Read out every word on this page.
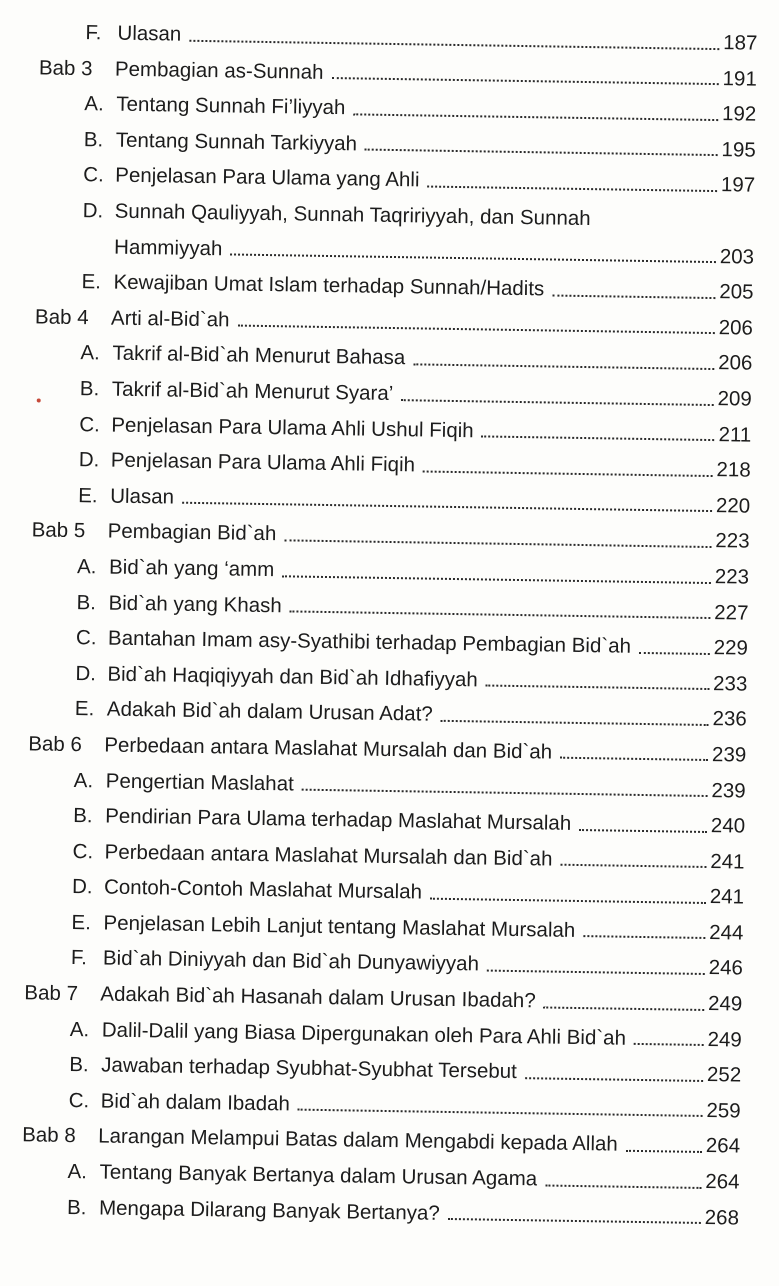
F. Ulasan	187
Bab 3	Pembagian as-Sunnah	191
A. Tentang Sunnah Fi’liyyah	192
B. Tentang Sunnah Tarkiyyah	195
C. Penjelasan Para Ulama yang Ahli	197
D. Sunnah Qauliyyah, Sunnah Taqririyyah, dan Sunnah
Hammiyyah	203
E. Kewajiban Umat Islam terhadap Sunnah/Hadits	205
Bab 4	Arti al-Bid`ah	206
A. Takrif al-Bid`ah Menurut Bahasa	206
B. Takrif al-Bid`ah Menurut Syara’	209
C. Penjelasan Para Ulama Ahli Ushul Fiqih	211
D. Penjelasan Para Ulama Ahli Fiqih	218
E. Ulasan	220
Bab 5	Pembagian Bid`ah	223
A. Bid`ah yang ‘amm	223
B. Bid`ah yang Khash	227
C. Bantahan Imam asy-Syathibi terhadap Pembagian Bid`ah	229
D. Bid`ah Haqiqiyyah dan Bid`ah Idhafiyyah	233
E. Adakah Bid`ah dalam Urusan Adat?	236
Bab 6	Perbedaan antara Maslahat Mursalah dan Bid`ah	239
A. Pengertian Maslahat	239
B. Pendirian Para Ulama terhadap Maslahat Mursalah	240
C. Perbedaan antara Maslahat Mursalah dan Bid`ah	241
D. Contoh-Contoh Maslahat Mursalah	241
E. Penjelasan Lebih Lanjut tentang Maslahat Mursalah	244
F. Bid`ah Diniyyah dan Bid`ah Dunyawiyyah	246
Bab 7	Adakah Bid`ah Hasanah dalam Urusan Ibadah?	249
A. Dalil-Dalil yang Biasa Dipergunakan oleh Para Ahli Bid`ah	249
B. Jawaban terhadap Syubhat-Syubhat Tersebut	252
C. Bid`ah dalam Ibadah	259
Bab 8	Larangan Melampui Batas dalam Mengabdi kepada Allah	264
A. Tentang Banyak Bertanya dalam Urusan Agama	264
B. Mengapa Dilarang Banyak Bertanya?	268
